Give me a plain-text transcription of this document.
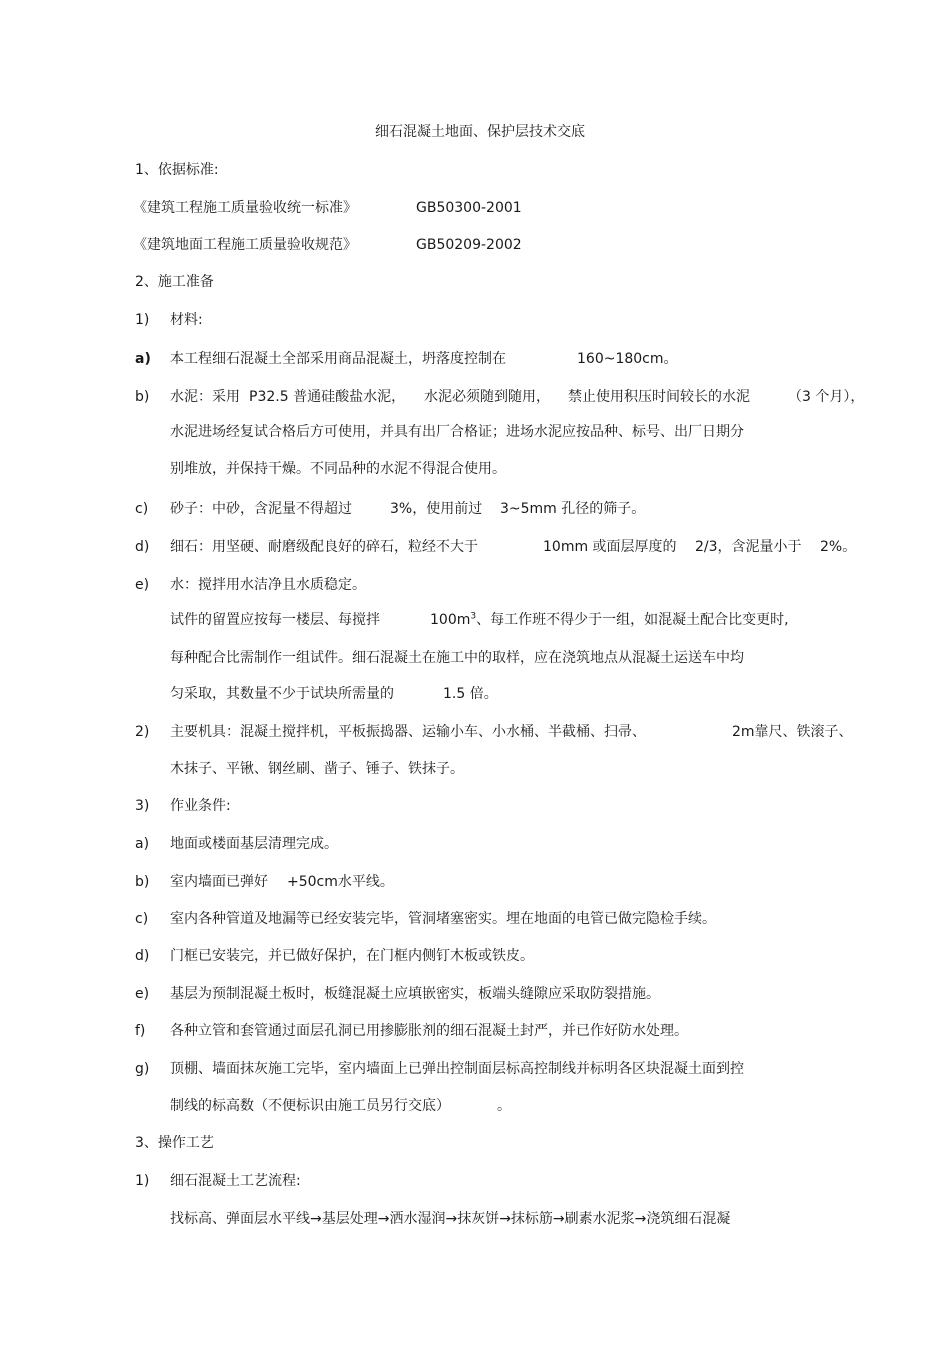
细石混凝土地面、保护层技术交底
1、依据标准:
《建筑工程施工质量验收统一标准》	GB50300-2001
《建筑地面工程施工质量验收规范》	GB50209-2002
2、施工准备
1) 材料:
a) 本工程细石混凝土全部采用商品混凝土，坍落度控制在	160~180cm。
b) 水泥：采用 P32.5 普通硅酸盐水泥， 水泥必须随到随用， 禁止使用积压时间较长的水泥	（3 个月），
水泥进场经复试合格后方可使用，并具有出厂合格证；进场水泥应按品种、标号、出厂日期分
别堆放，并保持干燥。不同品种的水泥不得混合使用。
c) 砂子：中砂，含泥量不得超过	3%，使用前过 3~5mm 孔径的筛子。
d) 细石：用坚硬、耐磨级配良好的碎石，粒经不大于	10mm 或面层厚度的 2/3，含泥量小于 2%。
e) 水：搅拌用水洁净且水质稳定。
试件的留置应按每一楼层、每搅拌	$100m^3$、每工作班不得少于一组，如混凝土配合比变更时,
每种配合比需制作一组试件。细石混凝土在施工中的取样，应在浇筑地点从混凝土运送车中均
匀采取，其数量不少于试块所需量的	1.5 倍。
2) 主要机具：混凝土搅拌机，平板振捣器、运输小车、小水桶、半截桶、扫帚、	2m靠尺、铁滚子、
木抹子、平锹、钢丝刷、凿子、锤子、铁抹子。
3) 作业条件:
a) 地面或楼面基层清理完成。
b) 室内墙面已弹好 +50cm水平线。
c) 室内各种管道及地漏等已经安装完毕，管洞堵塞密实。埋在地面的电管已做完隐检手续。
d) 门框已安装完，并已做好保护，在门框内侧钉木板或铁皮。
e) 基层为预制混凝土板时，板缝混凝土应填嵌密实，板端头缝隙应采取防裂措施。
f) 各种立管和套管通过面层孔洞已用掺膨胀剂的细石混凝土封严，并已作好防水处理。
g) 顶棚、墙面抹灰施工完毕，室内墙面上已弹出控制面层标高控制线并标明各区块混凝土面到控
制线的标高数（不便标识由施工员另行交底）	。
3、操作工艺
1) 细石混凝土工艺流程:
找标高、弹面层水平线→基层处理→洒水湿润→抹灰饼→抹标筋→刷素水泥浆→浇筑细石混凝
